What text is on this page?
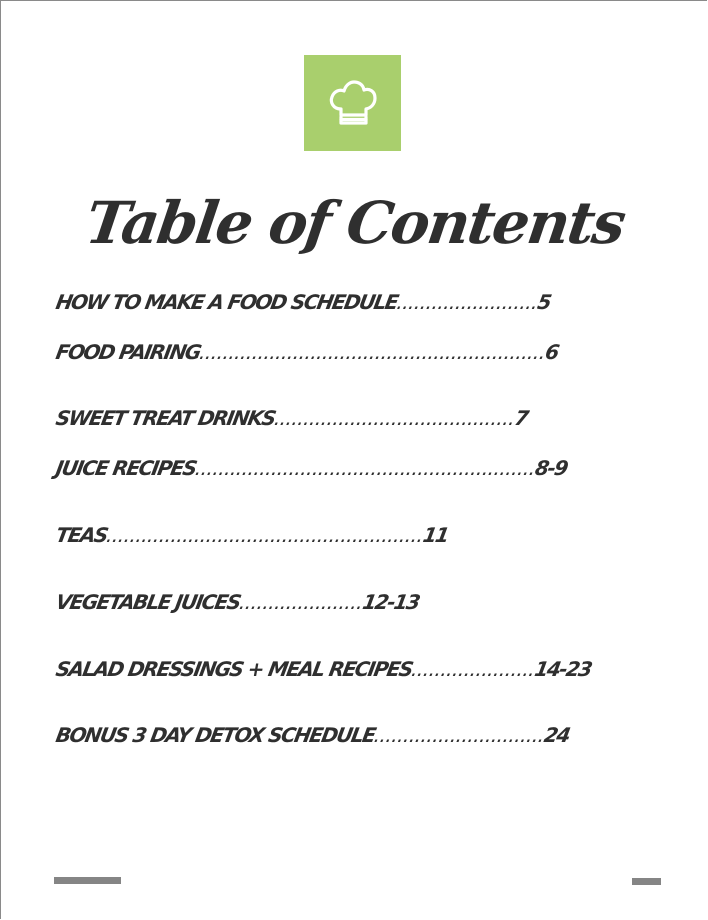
Table of Contents
HOW TO MAKE A FOOD SCHEDULE........................5
FOOD PAIRING...........................................................6
SWEET TREAT DRINKS.........................................7
JUICE RECIPES..........................................................8-9
TEAS......................................................11
VEGETABLE JUICES.....................12-13
SALAD DRESSINGS + MEAL RECIPES.....................14-23
BONUS 3 DAY DETOX SCHEDULE.............................24
